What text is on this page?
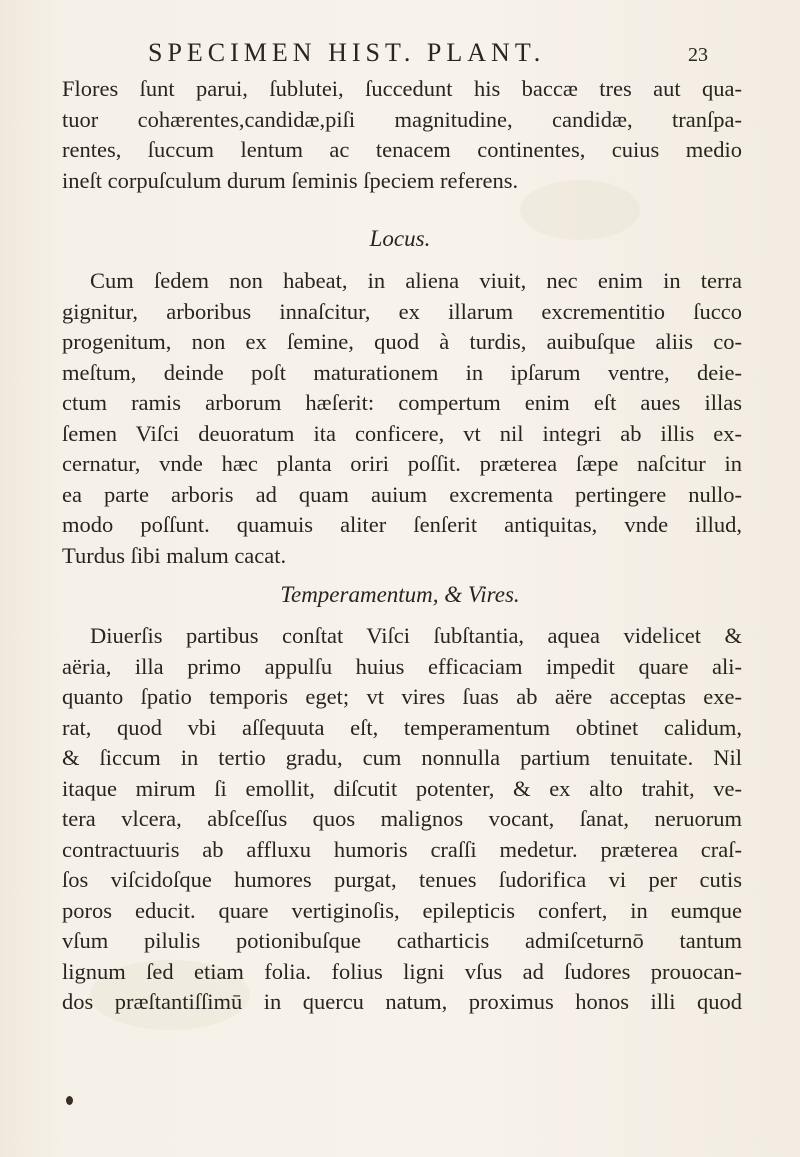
SPECIMEN HIST. PLANT.	23
Flores ſunt parui, ſublutei, ſuccedunt his baccæ tres aut qua-
tuor cohærentes,candidæ,piſi magnitudine, candidæ, tranſpa-
rentes, ſuccum lentum ac tenacem continentes, cuius medio
ineſt corpuſculum durum ſeminis ſpeciem referens.
Locus.
Cum ſedem non habeat, in aliena viuit, nec enim in terra
gignitur, arboribus innaſcitur, ex illarum excrementitio ſucco
progenitum, non ex ſemine, quod à turdis, auibuſque aliis co-
meſtum, deinde poſt maturationem in ipſarum ventre, deie-
ctum ramis arborum hæſerit: compertum enim eſt aues illas
ſemen Viſci deuoratum ita conficere, vt nil integri ab illis ex-
cernatur, vnde hæc planta oriri poſſit. præterea ſæpe naſcitur in
ea parte arboris ad quam auium excrementa pertingere nullo-
modo poſſunt. quamuis aliter ſenſerit antiquitas, vnde illud,
Turdus ſibi malum cacat.
Temperamentum, & Vires.
Diuerſis partibus conſtat Viſci ſubſtantia, aquea videlicet &
aëria, illa primo appulſu huius efficaciam impedit quare ali-
quanto ſpatio temporis eget; vt vires ſuas ab aëre acceptas exe-
rat, quod vbi aſſequuta eſt, temperamentum obtinet calidum,
& ſiccum in tertio gradu, cum nonnulla partium tenuitate. Nil
itaque mirum ſi emollit, diſcutit potenter, & ex alto trahit, ve-
tera vlcera, abſceſſus quos malignos vocant, ſanat, neruorum
contractuuris ab affluxu humoris craſſi medetur. præterea craſ-
ſos viſcidoſque humores purgat, tenues ſudorifica vi per cutis
poros educit. quare vertiginoſis, epilepticis confert, in eumque
vſum pilulis potionibuſque catharticis admiſceturnō tantum
lignum ſed etiam folia. folius ligni vſus ad ſudores prouocan-
dos præſtantiſſimū in quercu natum, proximus honos illi quod
